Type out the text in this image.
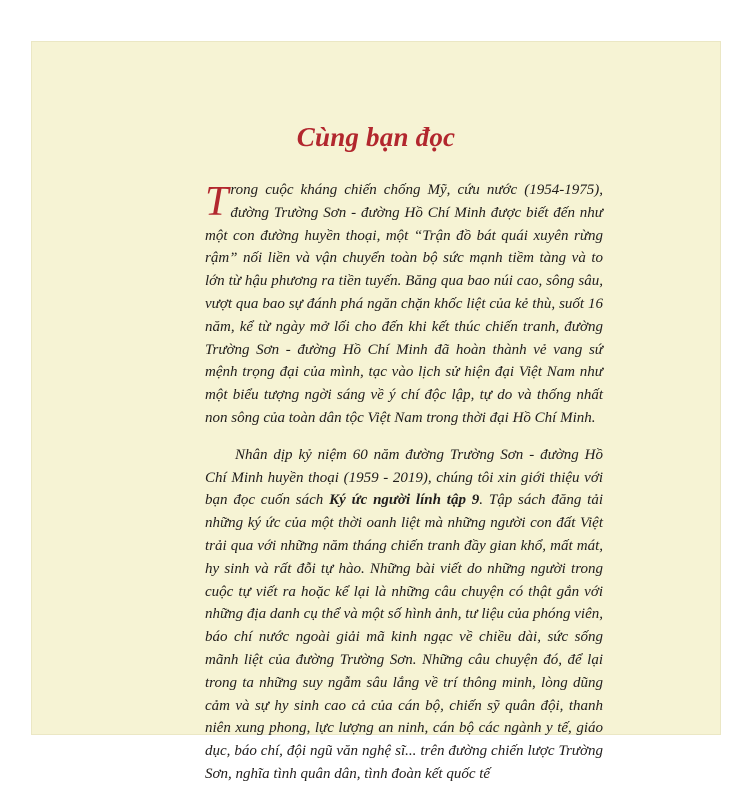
Cùng bạn đọc

Trong cuộc kháng chiến chống Mỹ, cứu nước (1954-1975), đường Trường Sơn - đường Hồ Chí Minh được biết đến như một con đường huyền thoại, một “Trận đồ bát quái xuyên rừng rậm” nối liền và vận chuyển toàn bộ sức mạnh tiềm tàng và to lớn từ hậu phương ra tiền tuyến. Băng qua bao núi cao, sông sâu, vượt qua bao sự đánh phá ngăn chặn khốc liệt của kẻ thù, suốt 16 năm, kể từ ngày mở lối cho đến khi kết thúc chiến tranh, đường Trường Sơn - đường Hồ Chí Minh đã hoàn thành vẻ vang sứ mệnh trọng đại của mình, tạc vào lịch sử hiện đại Việt Nam như một biểu tượng ngời sáng về ý chí độc lập, tự do và thống nhất non sông của toàn dân tộc Việt Nam trong thời đại Hồ Chí Minh.

Nhân dịp kỷ niệm 60 năm đường Trường Sơn - đường Hồ Chí Minh huyền thoại (1959 - 2019), chúng tôi xin giới thiệu với bạn đọc cuốn sách Ký ức người lính tập 9. Tập sách đăng tải những ký ức của một thời oanh liệt mà những người con đất Việt trải qua với những năm tháng chiến tranh đầy gian khổ, mất mát, hy sinh và rất đỗi tự hào. Những bài viết do những người trong cuộc tự viết ra hoặc kể lại là những câu chuyện có thật gắn với những địa danh cụ thể và một số hình ảnh, tư liệu của phóng viên, báo chí nước ngoài giải mã kinh ngạc về chiều dài, sức sống mãnh liệt của đường Trường Sơn. Những câu chuyện đó, để lại trong ta những suy ngẫm sâu lắng về trí thông minh, lòng dũng cảm và sự hy sinh cao cả của cán bộ, chiến sỹ quân đội, thanh niên xung phong, lực lượng an ninh, cán bộ các ngành y tế, giáo dục, báo chí, đội ngũ văn nghệ sĩ... trên đường chiến lược Trường Sơn, nghĩa tình quân dân, tình đoàn kết quốc tế
